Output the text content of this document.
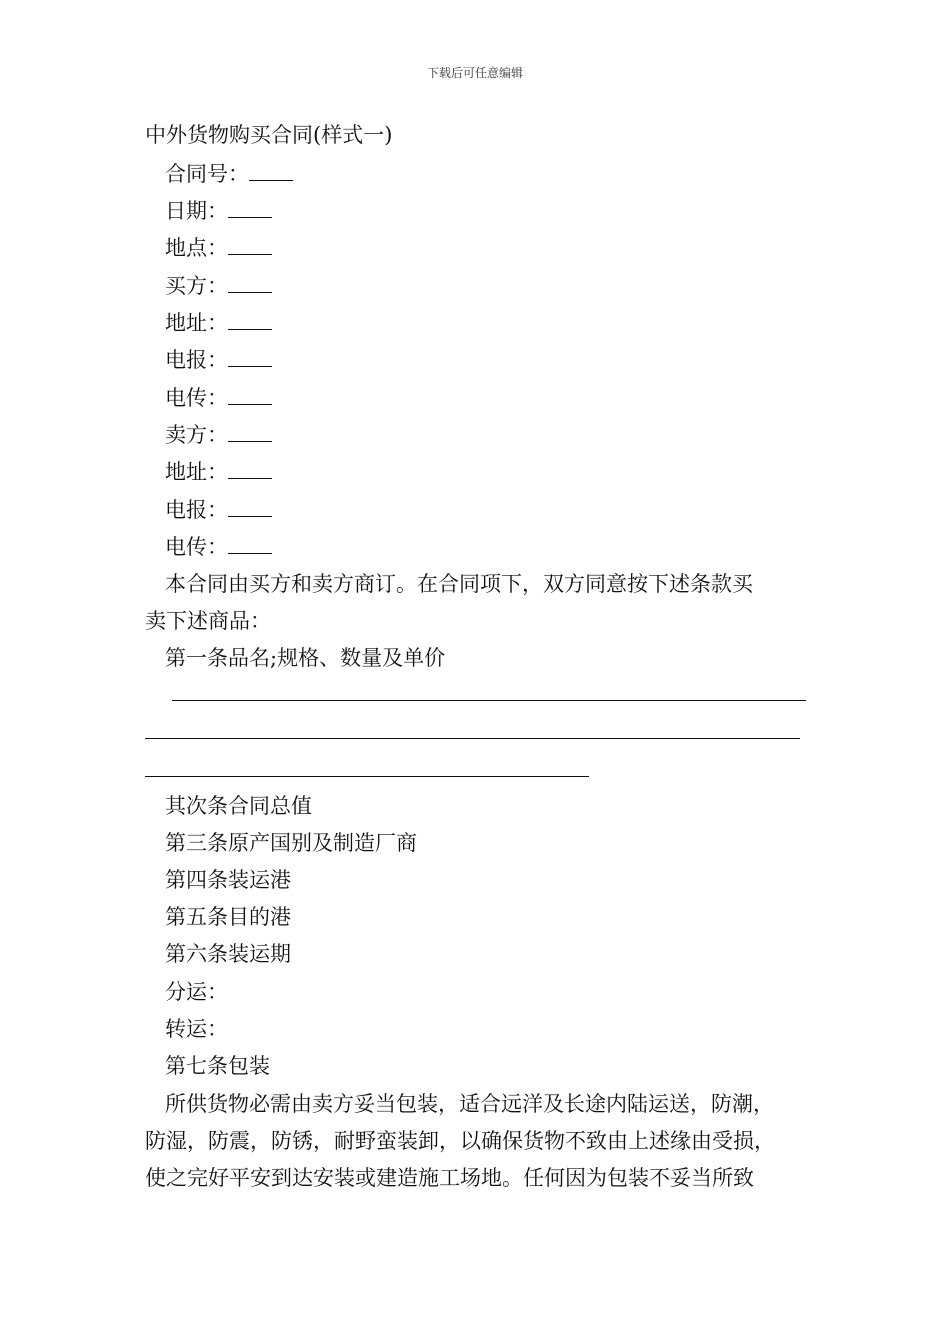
下载后可任意编辑
中外货物购买合同(样式一)
合同号：
日期：
地点：
买方：
地址：
电报：
电传：
卖方：
地址：
电报：
电传：
本合同由买方和卖方商订。在合同项下，双方同意按下述条款买
卖下述商品：
第一条品名;规格、数量及单价
其次条合同总值
第三条原产国别及制造厂商
第四条装运港
第五条目的港
第六条装运期
分运：
转运：
第七条包装
所供货物必需由卖方妥当包装，适合远洋及长途内陆运送，防潮，
防湿，防震，防锈，耐野蛮装卸，以确保货物不致由上述缘由受损，
使之完好平安到达安装或建造施工场地。任何因为包装不妥当所致
